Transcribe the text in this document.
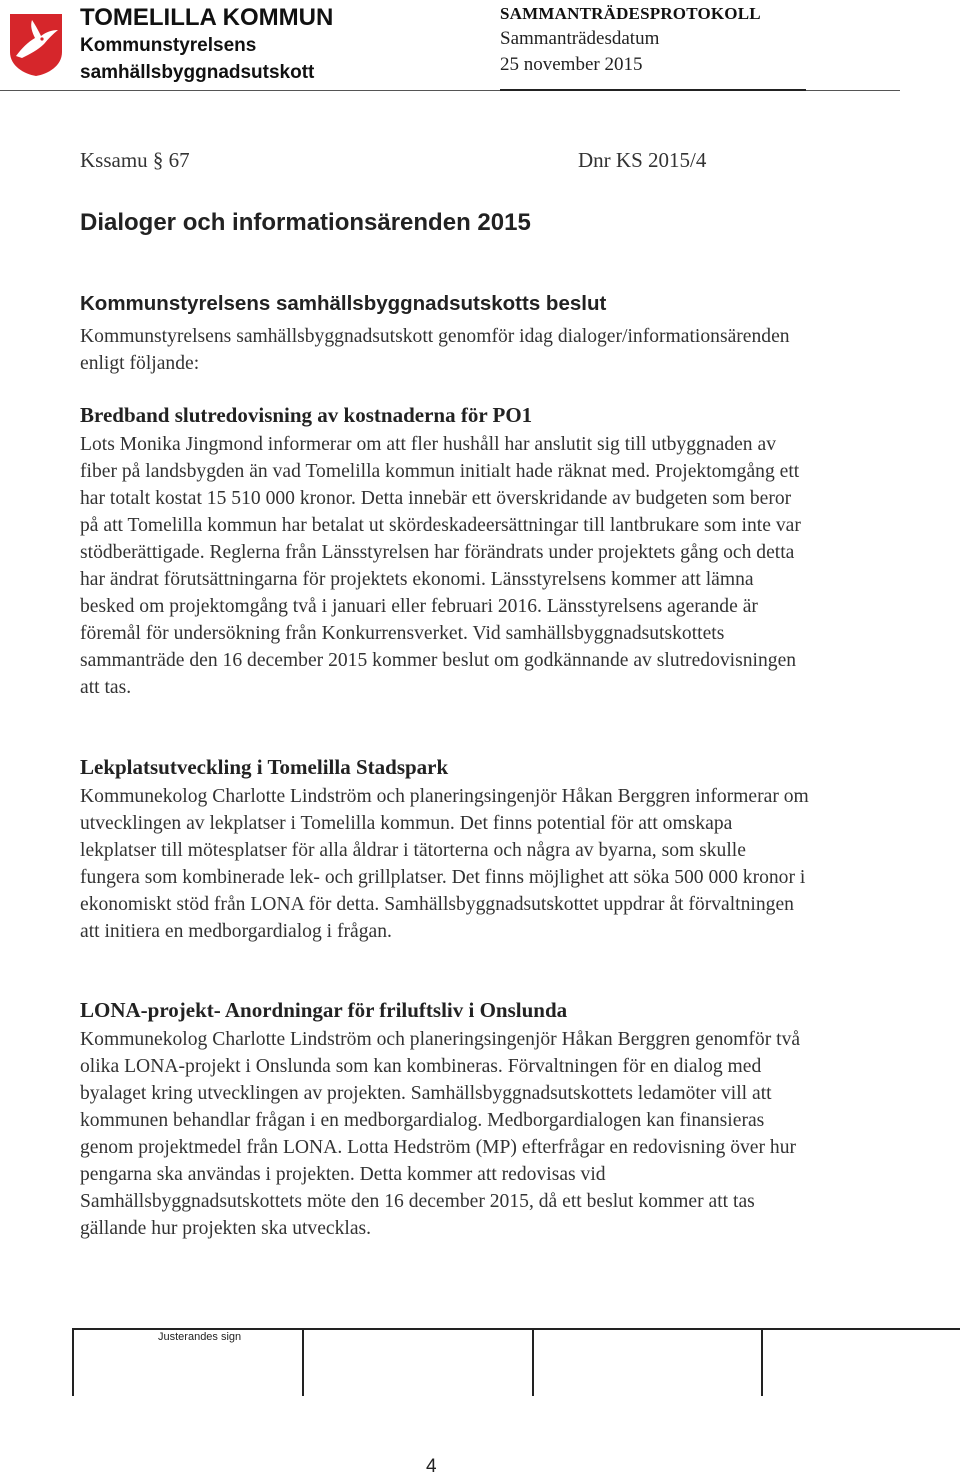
TOMELILLA KOMMUN
Kommunstyrelsens
samhällsbyggnadsutskott
SAMMANTRÄDESPROTOKOLL
Sammanträdesdatum
25 november 2015
Kssamu § 67	Dnr KS 2015/4
Dialoger och informationsärenden 2015
Kommunstyrelsens samhällsbyggnadsutskotts beslut

Kommunstyrelsens samhällsbyggnadsutskott genomför idag dialoger/informationsärenden enligt följande:

Bredband slutredovisning av kostnaderna för PO1

Lots Monika Jingmond informerar om att fler hushåll har anslutit sig till utbyggnaden av fiber på landsbygden än vad Tomelilla kommun initialt hade räknat med. Projektomgång ett har totalt kostat 15 510 000 kronor. Detta innebär ett överskridande av budgeten som beror på att Tomelilla kommun har betalat ut skördeskadeersättningar till lantbrukare som inte var stödberättigade. Reglerna från Länsstyrelsen har förändrats under projektets gång och detta har ändrat förutsättningarna för projektets ekonomi. Länsstyrelsens kommer att lämna besked om projektomgång två i januari eller februari 2016. Länsstyrelsens agerande är föremål för undersökning från Konkurrensverket. Vid samhällsbyggnadsutskottets sammanträde den 16 december 2015 kommer beslut om godkännande av slutredovisningen att tas.

Lekplatsutveckling i Tomelilla Stadspark

Kommunekolog Charlotte Lindström och planeringsingenjör Håkan Berggren informerar om utvecklingen av lekplatser i Tomelilla kommun. Det finns potential för att omskapa lekplatser till mötesplatser för alla åldrar i tätorterna och några av byarna, som skulle fungera som kombinerade lek- och grillplatser. Det finns möjlighet att söka 500 000 kronor i ekonomiskt stöd från LONA för detta. Samhällsbyggnadsutskottet uppdrar åt förvaltningen att initiera en medborgardialog i frågan.

LONA-projekt- Anordningar för friluftsliv i Onslunda

Kommunekolog Charlotte Lindström och planeringsingenjör Håkan Berggren genomför två olika LONA-projekt i Onslunda som kan kombineras. Förvaltningen för en dialog med byalaget kring utvecklingen av projekten. Samhällsbyggnadsutskottets ledamöter vill att kommunen behandlar frågan i en medborgardialog. Medborgardialogen kan finansieras genom projektmedel från LONA. Lotta Hedström (MP) efterfrågar en redovisning över hur pengarna ska användas i projekten. Detta kommer att redovisas vid Samhällsbyggnadsutskottets möte den 16 december 2015, då ett beslut kommer att tas gällande hur projekten ska utvecklas.

Justerandes sign
4
